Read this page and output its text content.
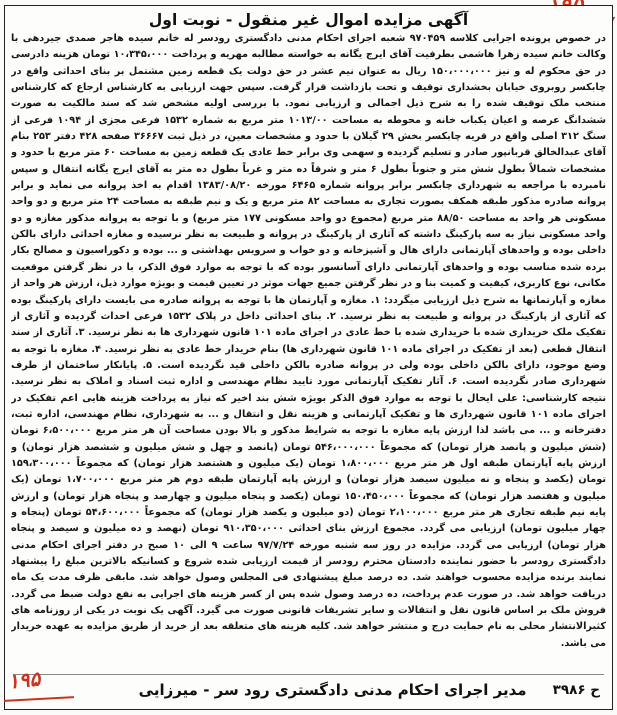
آگهی مزایده اموال غیر منقول - نوبت اول

در خصوص پرونده اجرایی کلاسه ۹۷۰۴۵۹ شعبه اجرای احکام مدنی دادگستری رودسر له خانم سیده هاجر صمدی جیردهی با وکالت خانم سیده زهرا هاشمی بطرفیت آقای ایرج یگانه به خواسته مطالبه مهریه و پرداخت ۱۰،۳۴۵،۰۰۰ تومان هزینه دادرسی در حق محکوم له و نیز ۱۵۰،۰۰۰،۰۰۰ ریال به عنوان نیم عشر در حق دولت یک قطعه زمین مشتمل بر بنای احداثی واقع در چابکسر روبروی خیابان بخشداری توقیف و تحت بازداشت قرار گرفت. سپس جهت ارزیابی به کارشناس ارجاع که کارشناس منتخب ملک توقیف شده را به شرح ذیل اجمالی و ارزیابی نمود. با بررسی اولیه مشخص شد که سند مالکیت به صورت ششدانگ عرصه و اعیان یکباب خانه و محوطه به مساحت ۱۰۱۳/۰۰ متر مربع به شماره ۱۵۳۲ فرعی مجزی از ۱۰۹۴ فرعی از سنگ ۳۱۲ اصلی واقع در قریه چابکسر بخش ۲۹ گیلان با حدود و مشخصات معین، در ذیل ثبت ۳۶۶۶۷ صفحه ۴۲۸ دفتر ۲۵۳ بنام آقای عبدالخالق قربانپور صادر و تسلیم گردیده و سهمی وی برابر خط عادی یک قطعه زمین به مساحت ۶۰ متر مربع با حدود و مشخصات شمالاً بطول شش متر و جنوباً بطول ۶ متر و شرقاً ده متر و غرباً بطول ده متر به آقای ایرج یگانه انتقال و سپس نامبرده با مراجعه به شهرداری چابکسر برابر پروانه شماره ۶۴۶۵ مورخه ۱۳۸۳/۰۸/۲۰ اقدام به اخذ پروانه می نماید و برابر پروانه صادره مذکور طبقه همکف بصورت تجاری به مساحت ۸۲ متر مربع و یک و نیم طبقه به مساحت ۲۴ متر مربع و دو واحد مسکونی هر واحد به مساحت ۸۸/۵۰ متر مربع (مجموع دو واحد مسکونی ۱۷۷ متر مربع) و با توجه به پروانه مذکور مغازه و دو واحد مسکونی نیاز به سه پارکینگ داشته که آثاری از پارکینگ در پروانه و طبیعت به نظر نرسیده و مغازه احداثی دارای بالکن داخلی بوده و واحدهای آپارتمانی دارای هال و آشپزخانه و دو خواب و سرویس بهداشتی و ... بوده و دکوراسیون و مصالح بکار برده شده مناسب بوده و واحدهای آپارتمانی دارای آسانسور بوده که با توجه به موارد فوق الذکر، با در نظر گرفتن موقعیت مکانی، نوع کاربری، کیفیت و کمیت بنا و در نظر گرفتن جمیع جهات موثر در تعیین قیمت و بویژه موارد ذیل، ارزش هر واحد از مغازه و آپارتمانها به شرح ذیل ارزیابی میگردد: ۱. مغازه و آپارتمان ها با توجه به پروانه صادره می بایست دارای پارکینگ بوده که آثاری از پارکینگ در پروانه و طبیعت به نظر نرسید. ۲. بنای احداثی داخل در پلاک ۱۵۳۲ فرعی احداث گردیده و آثاری از تفکیک ملک خریداری شده با خریداری شده با خط عادی در اجرای ماده ۱۰۱ قانون شهرداری ها به نظر نرسید. ۳. آثاری از سند انتقال قطعی (بعد از تفکیک در اجرای ماده ۱۰۱ قانون شهرداری ها) بنام خریدار خط عادی به نظر نرسید. ۴. مغازه با توجه به وضع موجود، دارای بالکن داخلی بوده ولی در پروانه صادره بالکن داخلی قید نگردیده است. ۵. پایانکار ساختمان از طرف شهرداری صادر نگردیده است. ۶. آثار تفکیک آپارتمانی مورد تایید نظام مهندسی و اداره ثبت اسناد و املاک به نظر نرسید. نتیجه کارشناسی: علی ایحال با توجه به موارد فوق الذکر بویژه شش بند اخیر که نیاز به پرداخت هزینه هایی اعم تفکیک در اجرای ماده ۱۰۱ قانون شهرداری ها و تفکیک آپارتمانی و هزینه نقل و انتقال و ... به شهرداری، نظام مهندسی، اداره ثبت، دفترخانه و ... می باشد لذا ارزش پایه مغازه با توجه به شرایط مذکور و بالا بودن مساحت آن هر متر مربع ۶،۵۰۰،۰۰۰ تومان (شش میلیون و پانصد هزار تومان) که مجموعاً ۵۴۶،۰۰۰،۰۰۰ تومان (پانصد و چهل و شش میلیون و ششصد هزار تومان) و ارزش پایه آپارتمان طبقه اول هر متر مربع ۱،۸۰۰،۰۰۰ تومان (یک میلیون و هشتصد هزار تومان) که مجموعاً ۱۵۹،۳۰۰،۰۰۰ تومان (یکصد و پنجاه و نه میلیون سیصد هزار تومان) و ارزش پایه آپارتمان طبقه دوم هر متر مربع ۱،۷۰۰،۰۰۰ تومان (یک میلیون و هفتصد هزار تومان) که مجموعاً ۱۵۰،۴۵۰،۰۰۰ تومان (یکصد و پنجاه میلیون و چهارصد و پنجاه هزار تومان) و ارزش پایه نیم طبقه تجاری هر متر مربع ۲،۱۰۰،۰۰۰ تومان (دو میلیون و یکصد هزار تومان) که مجموعاً ۵۴،۶۰۰،۰۰۰ تومان (پنجاه و چهار میلیون تومان) ارزیابی می گردد. مجموع ارزش بنای احداثی ۹۱۰،۳۵۰،۰۰۰ تومان (نهصد و ده میلیون و سیصد و پنجاه هزار تومان) ارزیابی می گردد. مزایده در روز سه شنبه مورخه ۹۷/۷/۲۴ ساعت ۹ الی ۱۰ صبح در دفتر اجرای احکام مدنی دادگستری رودسر با حضور نماینده دادستان محترم رودسر از قیمت ارزیابی شده شروع و کسانیکه بالاترین مبلغ را پیشنهاد نمایند برنده مزایده محسوب خواهند شد. ده درصد مبلغ پیشنهادی فی المجلس وصول خواهد شد. مابقی ظرف مدت یک ماه دریافت خواهد شد. در صورت عدم پرداخت، ده درصد وصول شده پس از کسر هزینه های اجرایی به نفع دولت ضبط می گردد. فروش ملک بر اساس قانون نقل و انتقالات و سایر تشریفات قانونی صورت می گیرد. آگهی یک نوبت در یکی از روزنامه های کثیرالانتشار محلی به نام حمایت درج و منتشر خواهد شد. کلیه هزینه های متعلقه بعد از خرید از طریق مزایده به عهده خریدار می باشد.

ح ۳۹۸۶
مدیر اجرای احکام مدنی دادگستری رود سر - میرزایی
۱۹۵
